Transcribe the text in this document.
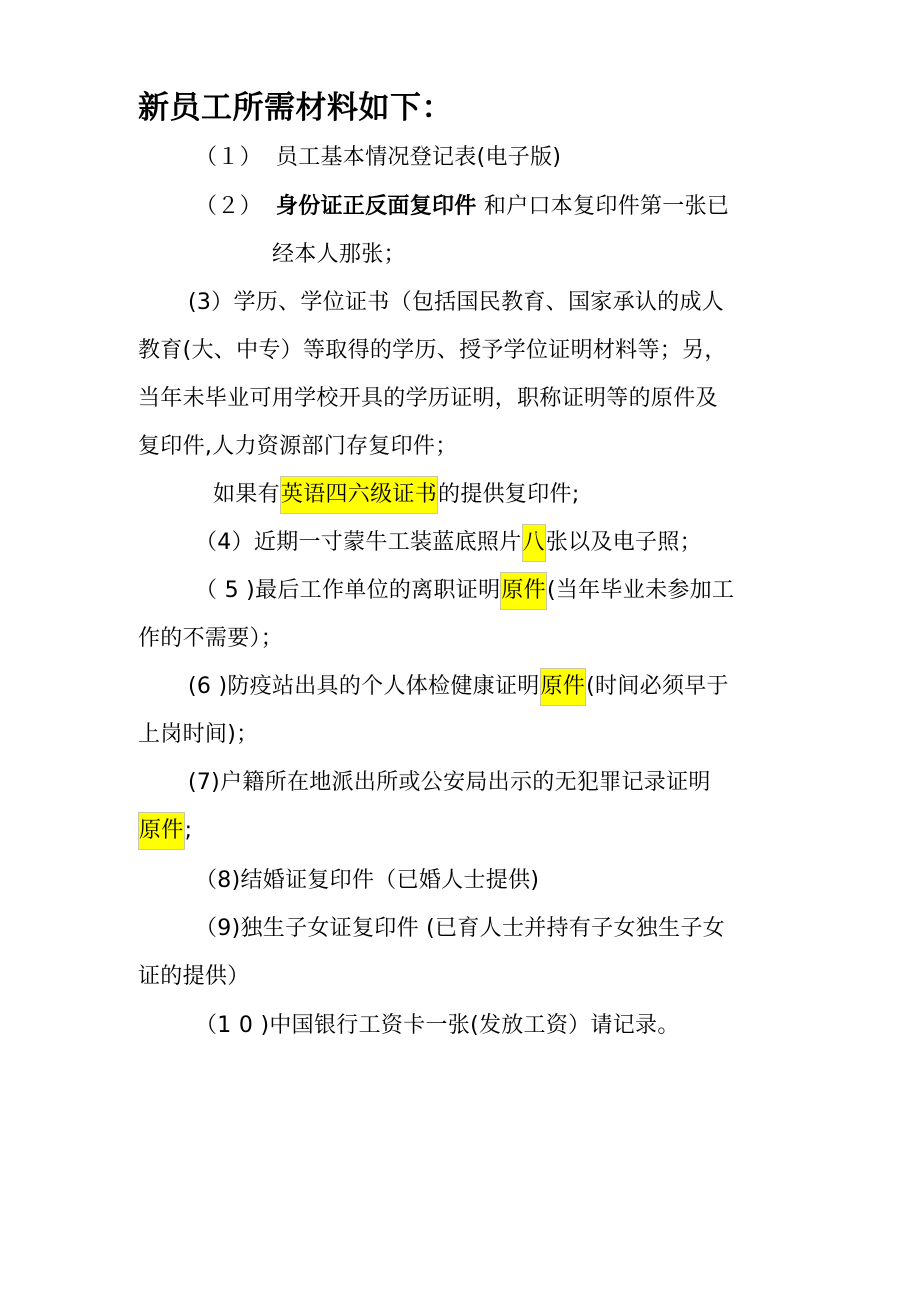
新员工所需材料如下：
（１） 员工基本情况登记表(电子版)
（２） 身份证正反面复印件 和户口本复印件第一张已
经本人那张；
(3）学历、学位证书（包括国民教育、国家承认的成人
教育(大、中专）等取得的学历、授予学位证明材料等；另，
当年未毕业可用学校开具的学历证明，职称证明等的原件及
复印件,人力资源部门存复印件；
如果有英语四六级证书的提供复印件;
（4）近期一寸蒙牛工装蓝底照片八张以及电子照；
（ 5 )最后工作单位的离职证明原件(当年毕业未参加工
作的不需要）；
(6 )防疫站出具的个人体检健康证明原件(时间必须早于
上岗时间)；
(7)户籍所在地派出所或公安局出示的无犯罪记录证明
原件;
（8)结婚证复印件（已婚人士提供)
（9)独生子女证复印件 (已育人士并持有子女独生子女
证的提供）
（1 0 )中国银行工资卡一张(发放工资）请记录。
